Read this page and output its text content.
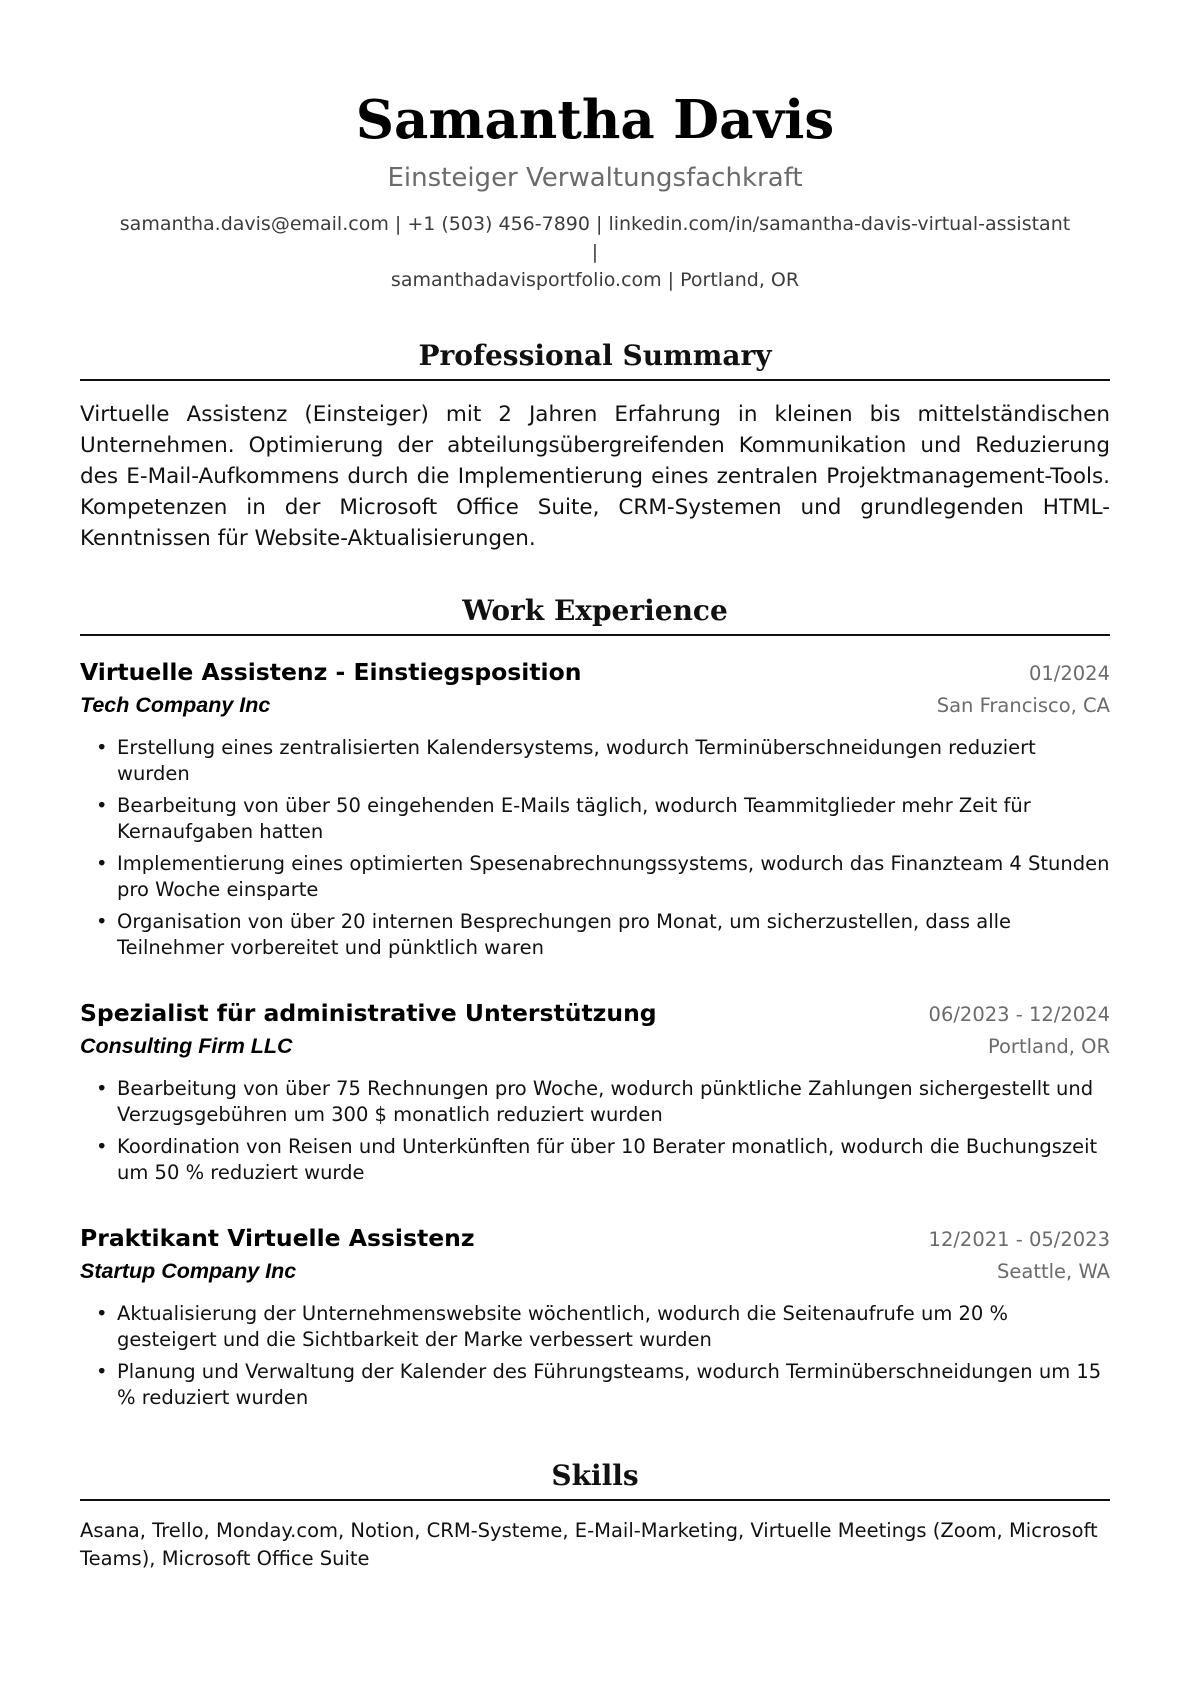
Samantha Davis
Einsteiger Verwaltungsfachkraft
samantha.davis@email.com | +1 (503) 456-7890 | linkedin.com/in/samantha-davis-virtual-assistant |
samanthadavisportfolio.com | Portland, OR
Professional Summary
Virtuelle Assistenz (Einsteiger) mit 2 Jahren Erfahrung in kleinen bis mittelständischen Unternehmen. Optimierung der abteilungsübergreifenden Kommunikation und Reduzierung des E-Mail-Aufkommens durch die Implementierung eines zentralen Projektmanagement-Tools. Kompetenzen in der Microsoft Office Suite, CRM-Systemen und grundlegenden HTML-Kenntnissen für Website-Aktualisierungen.
Work Experience
Virtuelle Assistenz - Einstiegsposition	01/2024
Tech Company Inc	San Francisco, CA
• Erstellung eines zentralisierten Kalendersystems, wodurch Terminüberschneidungen reduziert wurden
• Bearbeitung von über 50 eingehenden E-Mails täglich, wodurch Teammitglieder mehr Zeit für Kernaufgaben hatten
• Implementierung eines optimierten Spesenabrechnungssystems, wodurch das Finanzteam 4 Stunden pro Woche einsparte
• Organisation von über 20 internen Besprechungen pro Monat, um sicherzustellen, dass alle Teilnehmer vorbereitet und pünktlich waren
Spezialist für administrative Unterstützung	06/2023 - 12/2024
Consulting Firm LLC	Portland, OR
• Bearbeitung von über 75 Rechnungen pro Woche, wodurch pünktliche Zahlungen sichergestellt und Verzugsgebühren um 300 $ monatlich reduziert wurden
• Koordination von Reisen und Unterkünften für über 10 Berater monatlich, wodurch die Buchungszeit um 50 % reduziert wurde
Praktikant Virtuelle Assistenz	12/2021 - 05/2023
Startup Company Inc	Seattle, WA
• Aktualisierung der Unternehmenswebsite wöchentlich, wodurch die Seitenaufrufe um 20 % gesteigert und die Sichtbarkeit der Marke verbessert wurden
• Planung und Verwaltung der Kalender des Führungsteams, wodurch Terminüberschneidungen um 15 % reduziert wurden
Skills
Asana, Trello, Monday.com, Notion, CRM-Systeme, E-Mail-Marketing, Virtuelle Meetings (Zoom, Microsoft Teams), Microsoft Office Suite
